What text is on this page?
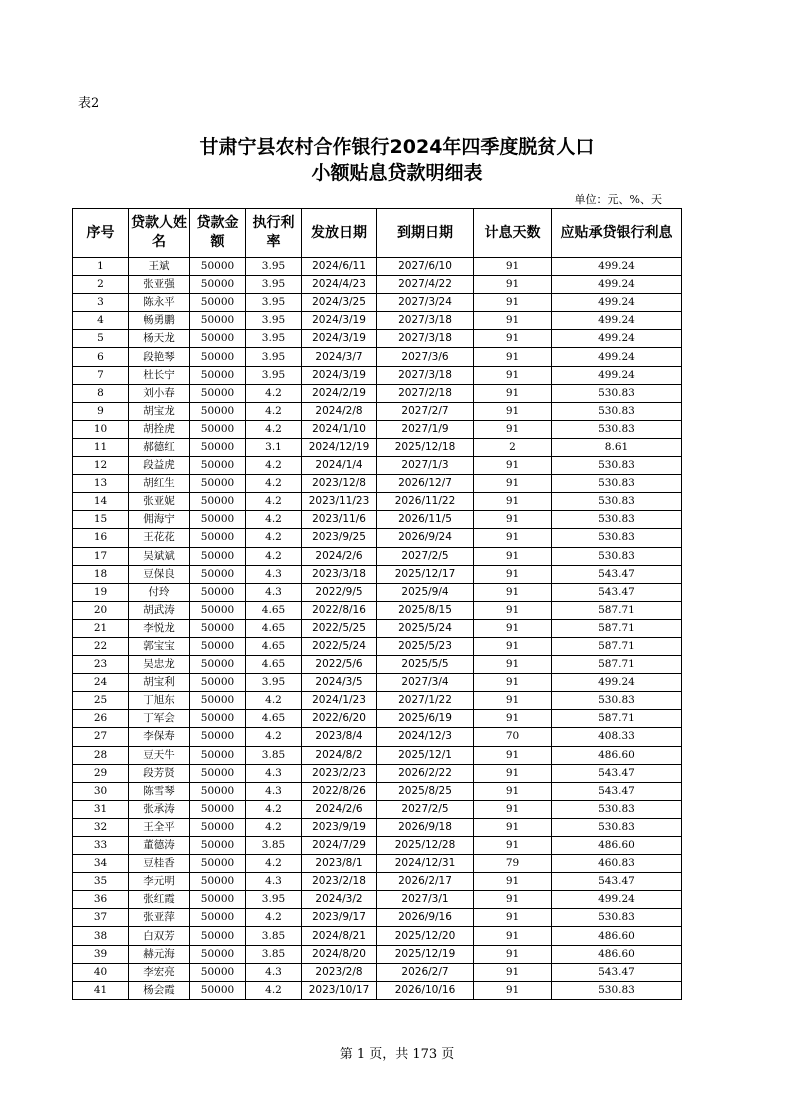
表2
甘肃宁县农村合作银行2024年四季度脱贫人口
小额贴息贷款明细表
单位：元、%、天
序号	贷款人姓名	贷款金额	执行利率	发放日期	到期日期	计息天数	应贴承贷银行利息
1	王斌	50000	3.95	2024/6/11	2027/6/10	91	499.24
2	张亚强	50000	3.95	2024/4/23	2027/4/22	91	499.24
3	陈永平	50000	3.95	2024/3/25	2027/3/24	91	499.24
4	畅勇鹏	50000	3.95	2024/3/19	2027/3/18	91	499.24
5	杨天龙	50000	3.95	2024/3/19	2027/3/18	91	499.24
6	段艳琴	50000	3.95	2024/3/7	2027/3/6	91	499.24
7	杜长宁	50000	3.95	2024/3/19	2027/3/18	91	499.24
8	刘小春	50000	4.2	2024/2/19	2027/2/18	91	530.83
9	胡宝龙	50000	4.2	2024/2/8	2027/2/7	91	530.83
10	胡拴虎	50000	4.2	2024/1/10	2027/1/9	91	530.83
11	郝德红	50000	3.1	2024/12/19	2025/12/18	2	8.61
12	段益虎	50000	4.2	2024/1/4	2027/1/3	91	530.83
13	胡红生	50000	4.2	2023/12/8	2026/12/7	91	530.83
14	张亚妮	50000	4.2	2023/11/23	2026/11/22	91	530.83
15	佣海宁	50000	4.2	2023/11/6	2026/11/5	91	530.83
16	王花花	50000	4.2	2023/9/25	2026/9/24	91	530.83
17	吴斌斌	50000	4.2	2024/2/6	2027/2/5	91	530.83
18	豆保良	50000	4.3	2023/3/18	2025/12/17	91	543.47
19	付玲	50000	4.3	2022/9/5	2025/9/4	91	543.47
20	胡武涛	50000	4.65	2022/8/16	2025/8/15	91	587.71
21	李悦龙	50000	4.65	2022/5/25	2025/5/24	91	587.71
22	郭宝宝	50000	4.65	2022/5/24	2025/5/23	91	587.71
23	吴忠龙	50000	4.65	2022/5/6	2025/5/5	91	587.71
24	胡宝利	50000	3.95	2024/3/5	2027/3/4	91	499.24
25	丁旭东	50000	4.2	2024/1/23	2027/1/22	91	530.83
26	丁军会	50000	4.65	2022/6/20	2025/6/19	91	587.71
27	李保寿	50000	4.2	2023/8/4	2024/12/3	70	408.33
28	豆天牛	50000	3.85	2024/8/2	2025/12/1	91	486.60
29	段芳贤	50000	4.3	2023/2/23	2026/2/22	91	543.47
30	陈雪琴	50000	4.3	2022/8/26	2025/8/25	91	543.47
31	张承涛	50000	4.2	2024/2/6	2027/2/5	91	530.83
32	王全平	50000	4.2	2023/9/19	2026/9/18	91	530.83
33	董德涛	50000	3.85	2024/7/29	2025/12/28	91	486.60
34	豆桂香	50000	4.2	2023/8/1	2024/12/31	79	460.83
35	李元明	50000	4.3	2023/2/18	2026/2/17	91	543.47
36	张红霞	50000	3.95	2024/3/2	2027/3/1	91	499.24
37	张亚萍	50000	4.2	2023/9/17	2026/9/16	91	530.83
38	白双芳	50000	3.85	2024/8/21	2025/12/20	91	486.60
39	赫元海	50000	3.85	2024/8/20	2025/12/19	91	486.60
40	李宏亮	50000	4.3	2023/2/8	2026/2/7	91	543.47
41	杨会霞	50000	4.2	2023/10/17	2026/10/16	91	530.83
第 1 页，共 173 页
